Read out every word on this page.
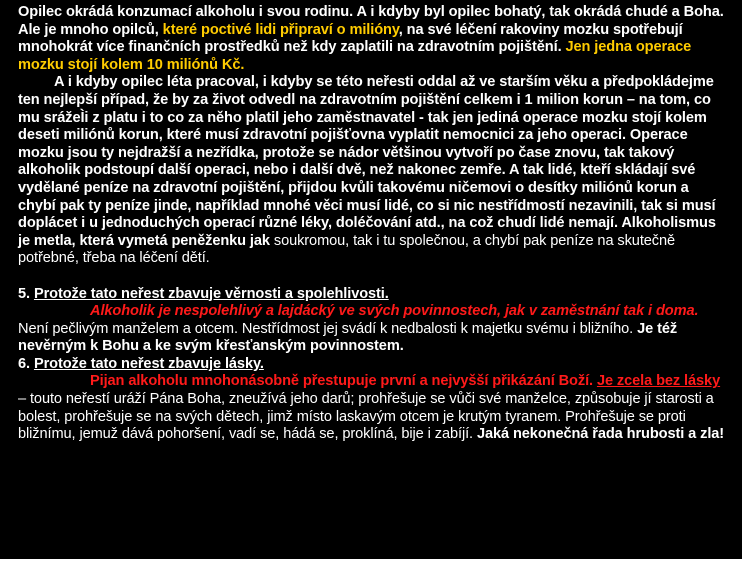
Opilec okrádá konzumací alkoholu i svou rodinu. A i kdyby byl opilec bohatý, tak okrádá chudé a Boha. Ale je mnoho opilců, které poctivé lidi připraví o milióny, na své léčení rakoviny mozku spotřebují mnohokrát více finančních prostředků než kdy zaplatili na zdravotním pojištění. Jen jedna operace mozku stojí kolem 10 miliónů Kč.

A i kdyby opilec léta pracoval, i kdyby se této neřesti oddal až ve starším věku a předpokládejme ten nejlepší případ, že by za život odvedl na zdravotním pojištění celkem i 1 milion korun – na tom, co mu srážeÌi z platu i to co za něho platil jeho zaměstnavatel - tak jen jediná operace mozku stojí kolem deseti miliónů korun, které musí zdravotní pojišťovna vyplatit nemocnici za jeho operaci. Operace mozku jsou ty nejdražší a nezřídka, protože se nádor většinou vytvoří po čase znovu, tak takový alkoholik podstoupí další operaci, nebo i další dvě, než nakonec zemře. A tak lidé, kteří skládají své vydělané peníze na zdravotní pojištění, přijdou kvůli takovému ničemovi o desítky miliónů korun a chybí pak ty peníze jinde, například mnohé věci musí lidé, co si nic nestřídmostí nezavinili, tak si musí doplácet i u jednoduchých operací různé léky, doléčování atd., na což chudí lidé nemají. Alkoholismus je metla, která vymetá peněženku jak soukromou, tak i tu společnou, a chybí pak peníze na skutečně potřebné, třeba na léčení dětí.

5. Protože tato neřest zbavuje věrnosti a spolehlivosti.

Alkoholik je nespolehlivý a lajdácký ve svých povinnostech, jak v zaměstnání tak i doma. Není pečlivým manželem a otcem. Nestřídmost jej svádí k nedbalosti k majetku svému i bližního. Je též nevěrným k Bohu a ke svým křesťanským povinnostem.

6. Protože tato neřest zbavuje lásky.

Pijan alkoholu mnohonásobně přestupuje první a nejvyšší přikázání Boží. Je zcela bez lásky – touto neřestí uráží Pána Boha, zneužívá jeho darů; prohřešuje se vůči své manželce, způsobuje jí starosti a bolest, prohřešuje se na svých dětech, jimž místo laskavým otcem je krutým tyranem. Prohřešuje se proti bližnímu, jemuž dává pohoršení, vadí se, hádá se, proklíná, bije i zabíjí. Jaká nekonečná řada hrubosti a zla!
